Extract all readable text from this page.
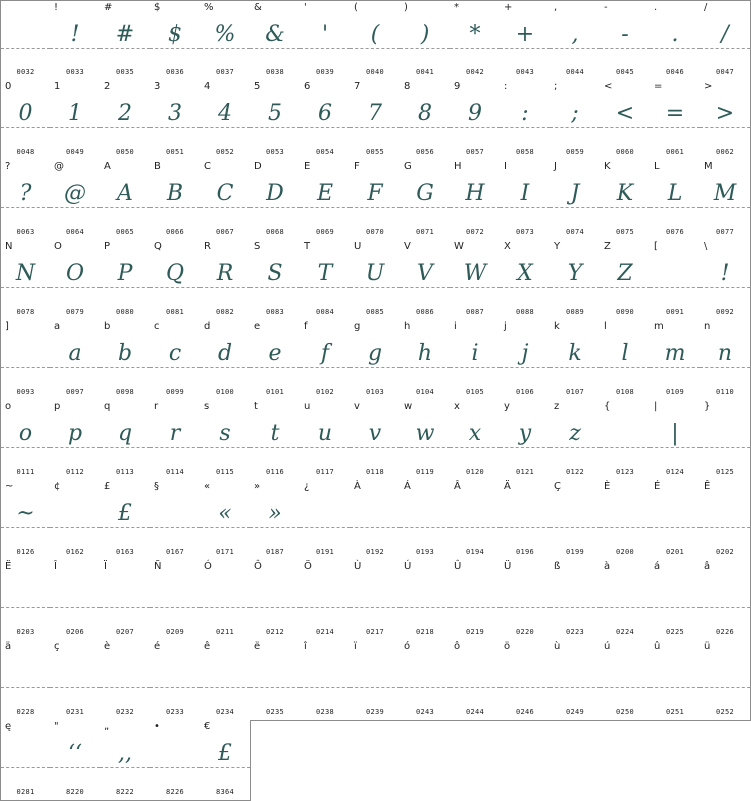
0032
!
!
0033
#
#
0035
$
$
0036
%
%
0037
&
&
0038
'
'
0039
(
(
0040
)
)
0041
*
*
0042
+
+
0043
,
,
0044
-
-
0045
.
.
0046
/
/
0047
0
0
0048
1
1
0049
2
2
0050
3
3
0051
4
4
0052
5
5
0053
6
6
0054
7
7
0055
8
8
0056
9
9
0057
:
:
0058
;
;
0059
<
<
0060
=
=
0061
>
>
0062
?
?
0063
@
@
0064
A
A
0065
B
B
0066
C
C
0067
D
D
0068
E
E
0069
F
F
0070
G
G
0071
H
H
0072
I
I
0073
J
J
0074
K
K
0075
L
L
0076
M
M
0077
N
N
0078
O
O
0079
P
P
0080
Q
Q
0081
R
R
0082
S
S
0083
T
T
0084
U
U
0085
V
V
0086
W
W
0087
X
X
0088
Y
Y
0089
Z
Z
0090
[
0091
\
!
0092
]
0093
a
a
0097
b
b
0098
c
c
0099
d
d
0100
e
e
0101
f
f
0102
g
g
0103
h
h
0104
i
i
0105
j
j
0106
k
k
0107
l
l
0108
m
m
0109
n
n
0110
o
o
0111
p
p
0112
q
q
0113
r
r
0114
s
s
0115
t
t
0116
u
u
0117
v
v
0118
w
w
0119
x
x
0120
y
y
0121
z
z
0122
{
0123
|
|
0124
}
0125
~
~
0126
¢
0162
£
£
0163
§
0167
«
«
0171
»
»
0187
¿
0191
À
0192
Á
0193
Â
0194
Ä
0196
Ç
0199
È
0200
É
0201
Ê
0202
Ë
0203
Î
0206
Ï
0207
Ñ
0209
Ó
0211
Ô
0212
Ö
0214
Ù
0217
Ú
0218
Û
0219
Ü
0220
ß
0223
à
0224
á
0225
â
0226
ä
0228
ç
0231
è
0232
é
0233
ê
0234
ë
0235
î
0238
ï
0239
ó
0243
ô
0244
ö
0246
ù
0249
ú
0250
û
0251
ü
0252
ę
0281
"
‘‘
8220
„
,,
8222
•
8226
€
£
8364
